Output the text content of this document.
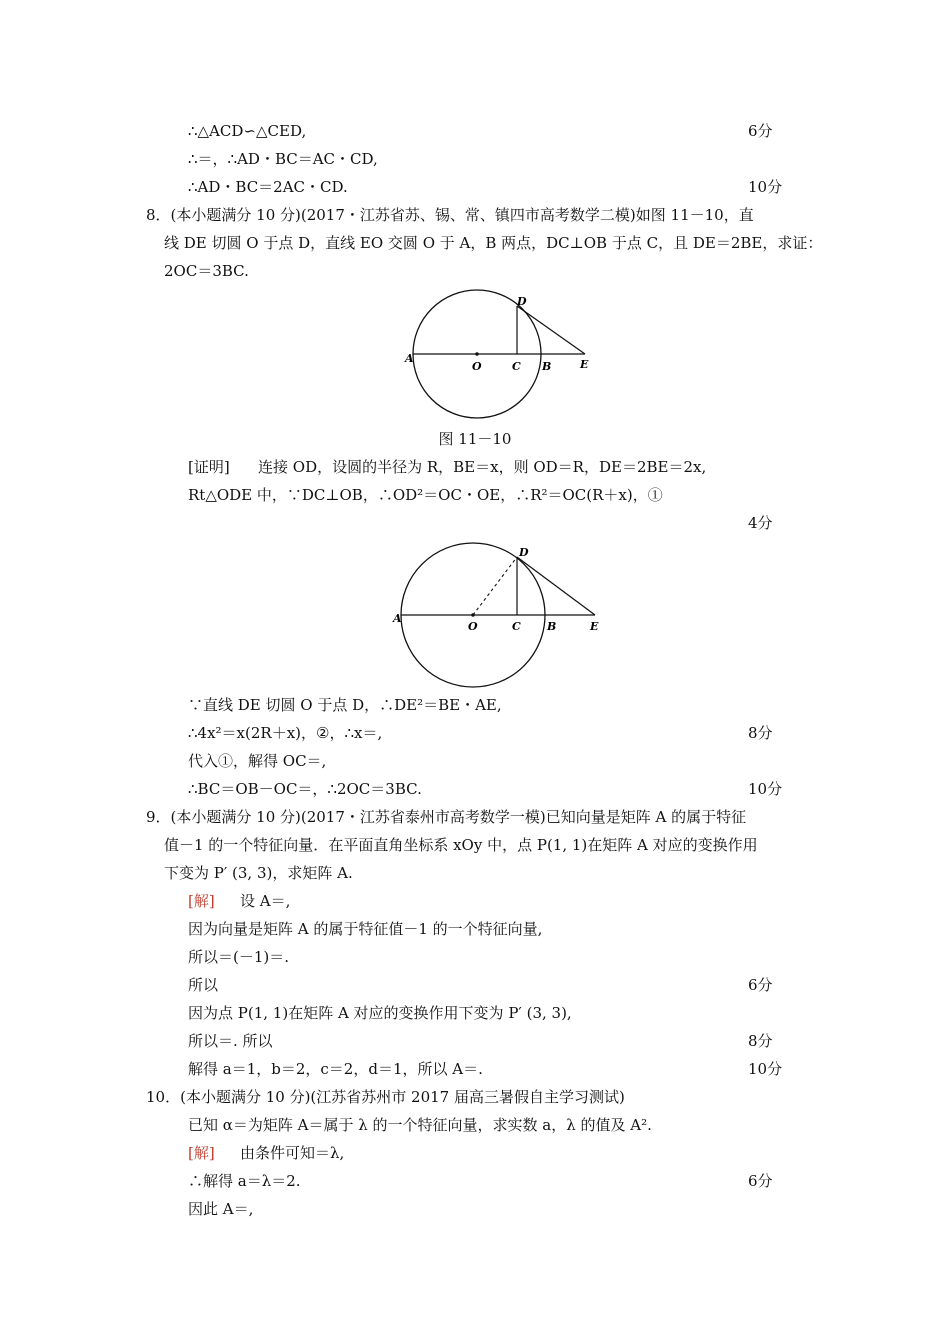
∴△ACD∽△CED,	6分
∴＝，∴AD・BC＝AC・CD,
∴AD・BC＝2AC・CD.	10分
8．(本小题满分 10 分)(2017・江苏省苏、锡、常、镇四市高考数学二模)如图 11－10，直
线 DE 切圆 O 于点 D，直线 EO 交圆 O 于 A，B 两点，DC⊥OB 于点 C，且 DE＝2BE，求证：
2OC＝3BC.
A
O	C B	E
D
图 11－10
[证明] 连接 OD，设圆的半径为 R，BE＝x，则 OD＝R，DE＝2BE＝2x,
Rt△ODE 中，∵DC⊥OB，∴OD²＝OC・OE，∴R²＝OC(R＋x)，①
4分
A
O	C B	E
D
∵直线 DE 切圆 O 于点 D，∴DE²＝BE・AE,
∴4x²＝x(2R＋x)，②，∴x＝,	8分
代入①，解得 OC＝,
∴BC＝OB－OC＝，∴2OC＝3BC.	10分
9．(本小题满分 10 分)(2017・江苏省泰州市高考数学一模)已知向量是矩阵 A 的属于特征
值－1 的一个特征向量．在平面直角坐标系 xOy 中，点 P(1, 1)在矩阵 A 对应的变换作用
下变为 P′ (3, 3)，求矩阵 A.
[解] 设 A＝,
因为向量是矩阵 A 的属于特征值－1 的一个特征向量,
所以＝(－1)＝.
所以	6分
因为点 P(1, 1)在矩阵 A 对应的变换作用下变为 P′ (3, 3),
所以＝. 所以	8分
解得 a＝1，b＝2，c＝2，d＝1，所以 A＝.	10分
10．(本小题满分 10 分)(江苏省苏州市 2017 届高三暑假自主学习测试)
已知 α＝为矩阵 A＝属于 λ 的一个特征向量，求实数 a，λ 的值及 A².
[解] 由条件可知＝λ,
∴解得 a＝λ＝2.	6分
因此 A＝,
